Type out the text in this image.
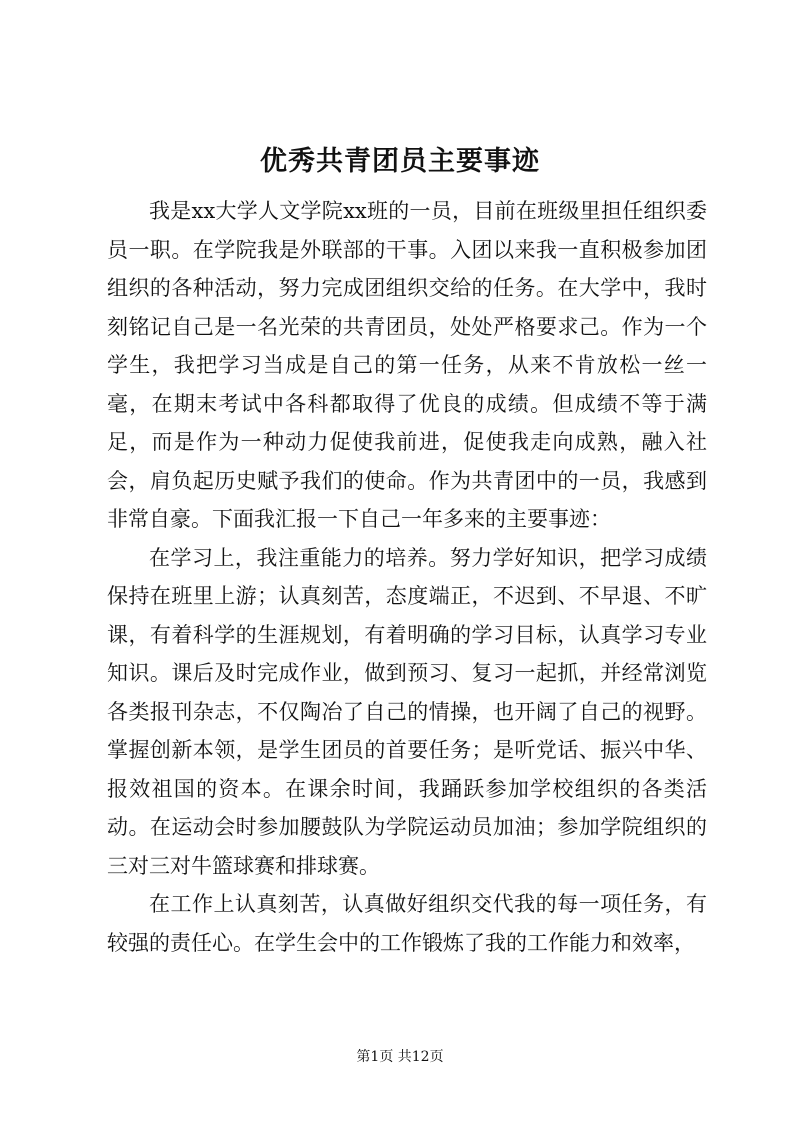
优秀共青团员主要事迹

我是xx大学人文学院xx班的一员，目前在班级里担任组织委员一职。在学院我是外联部的干事。入团以来我一直积极参加团组织的各种活动，努力完成团组织交给的任务。在大学中，我时刻铭记自己是一名光荣的共青团员，处处严格要求己。作为一个学生，我把学习当成是自己的第一任务，从来不肯放松一丝一毫，在期末考试中各科都取得了优良的成绩。但成绩不等于满足，而是作为一种动力促使我前进，促使我走向成熟，融入社会，肩负起历史赋予我们的使命。作为共青团中的一员，我感到非常自豪。下面我汇报一下自己一年多来的主要事迹：

在学习上，我注重能力的培养。努力学好知识，把学习成绩保持在班里上游；认真刻苦，态度端正，不迟到、不早退、不旷课，有着科学的生涯规划，有着明确的学习目标，认真学习专业知识。课后及时完成作业，做到预习、复习一起抓，并经常浏览各类报刊杂志，不仅陶冶了自己的情操，也开阔了自己的视野。掌握创新本领，是学生团员的首要任务；是听党话、振兴中华、报效祖国的资本。在课余时间，我踊跃参加学校组织的各类活动。在运动会时参加腰鼓队为学院运动员加油；参加学院组织的三对三对牛篮球赛和排球赛。

在工作上认真刻苦，认真做好组织交代我的每一项任务，有较强的责任心。在学生会中的工作锻炼了我的工作能力和效率，

第1页 共12页
